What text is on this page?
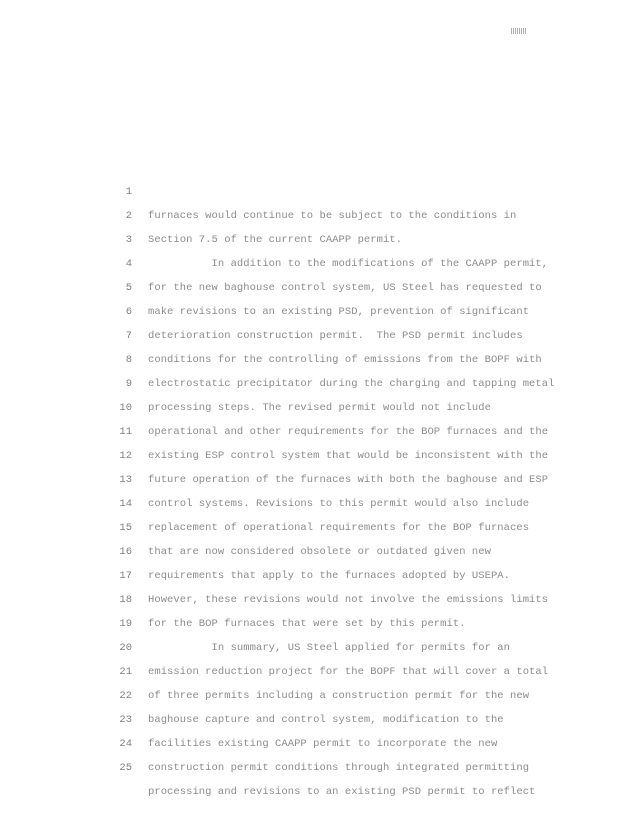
1

furnaces would continue to be subject to the conditions in

2

Section 7.5 of the current CAAPP permit.

3

In addition to the modifications of the CAAPP permit,

4

for the new baghouse control system, US Steel has requested to

5

make revisions to an existing PSD, prevention of significant

6

deterioration construction permit.  The PSD permit includes

7

conditions for the controlling of emissions from the BOPF with

8

electrostatic precipitator during the charging and tapping metal

9

processing steps. The revised permit would not include

10

operational and other requirements for the BOP furnaces and the

11

existing ESP control system that would be inconsistent with the

12

future operation of the furnaces with both the baghouse and ESP

13

control systems. Revisions to this permit would also include

14

replacement of operational requirements for the BOP furnaces

15

that are now considered obsolete or outdated given new

16

requirements that apply to the furnaces adopted by USEPA.

17

However, these revisions would not involve the emissions limits

18

for the BOP furnaces that were set by this permit.

19

In summary, US Steel applied for permits for an

20

emission reduction project for the BOPF that will cover a total

21

of three permits including a construction permit for the new

22

baghouse capture and control system, modification to the

23

facilities existing CAAPP permit to incorporate the new

24

construction permit conditions through integrated permitting

25

processing and revisions to an existing PSD permit to reflect
